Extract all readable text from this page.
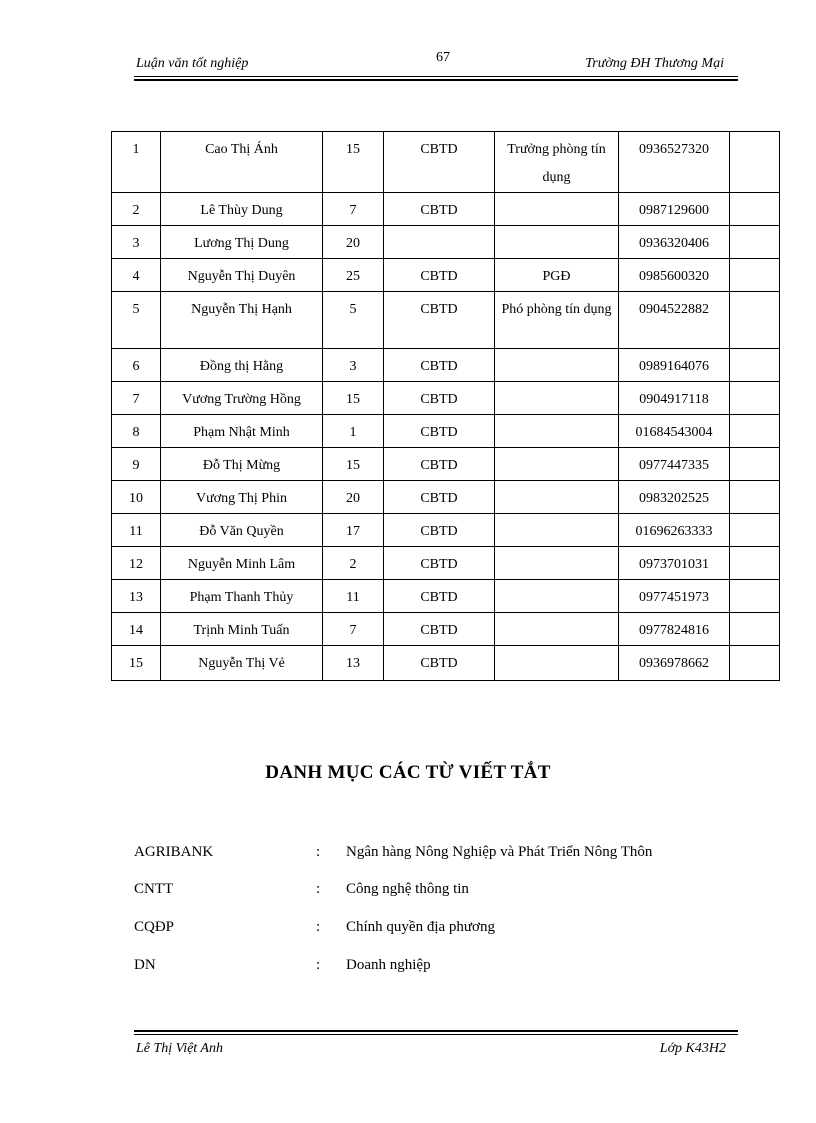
Luận văn tốt nghiệp	67	Trường ĐH Thương Mại
1	Cao Thị Ánh	15	CBTD	Trưởng phòng tín dụng	0936527320	
2	Lê Thùy Dung	7	CBTD		0987129600	
3	Lương Thị Dung	20			0936320406	
4	Nguyễn Thị Duyên	25	CBTD	PGĐ	0985600320	
5	Nguyễn Thị Hạnh	5	CBTD	Phó phòng tín dụng	0904522882	
6	Đồng thị Hằng	3	CBTD		0989164076	
7	Vương Trường Hồng	15	CBTD		0904917118	
8	Phạm Nhật Minh	1	CBTD		01684543004	
9	Đỗ Thị Mừng	15	CBTD		0977447335	
10	Vương Thị Phin	20	CBTD		0983202525	
11	Đỗ Văn Quyền	17	CBTD		01696263333	
12	Nguyễn Minh Lâm	2	CBTD		0973701031	
13	Phạm Thanh Thủy	11	CBTD		0977451973	
14	Trịnh Minh Tuấn	7	CBTD		0977824816	
15	Nguyễn Thị Vẻ	13	CBTD		0936978662	
DANH MỤC CÁC TỪ VIẾT TẮT
AGRIBANK	: Ngân hàng Nông Nghiệp và Phát Triển Nông Thôn
CNTT	: Công nghệ thông tin
CQĐP	: Chính quyền địa phương
DN	: Doanh nghiệp
Lê Thị Việt Anh	Lớp K43H2
